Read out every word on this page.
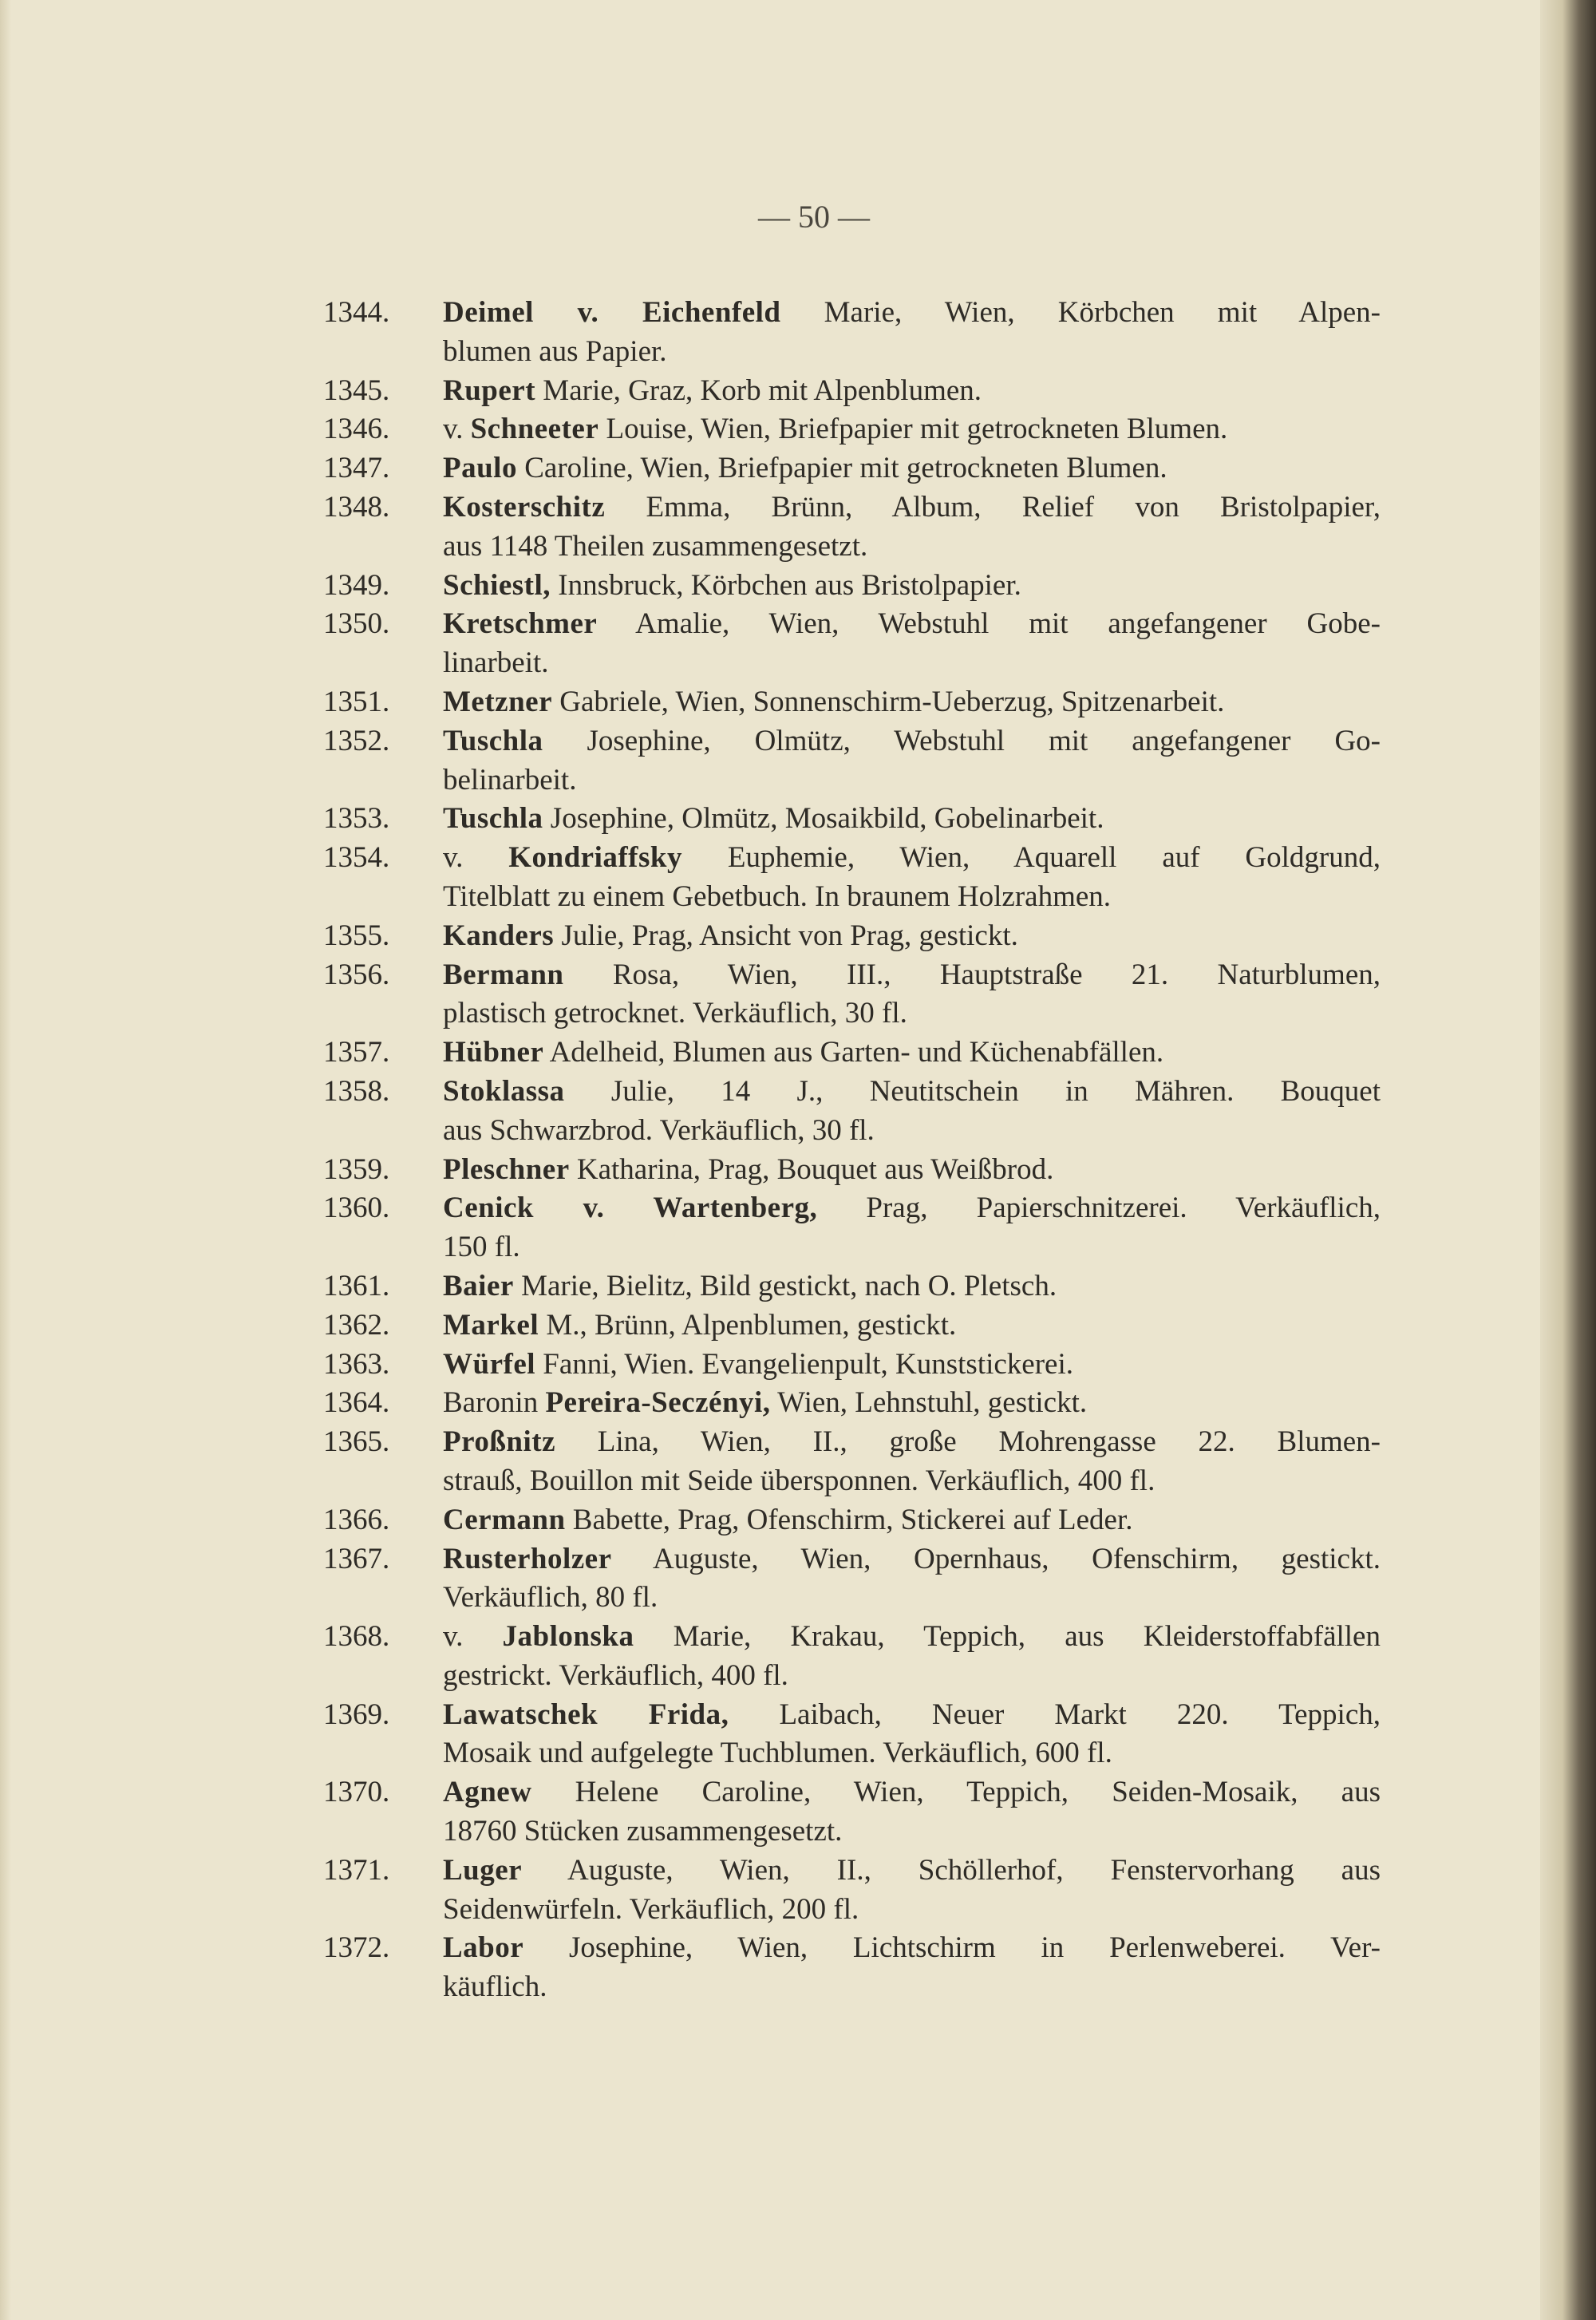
— 50 —
1344.	Deimel v. Eichenfeld Marie, Wien, Körbchen mit Alpen-
blumen aus Papier.
1345.	Rupert Marie, Graz, Korb mit Alpenblumen.
1346.	v. Schneeter Louise, Wien, Briefpapier mit getrockneten Blumen.
1347.	Paulo Caroline, Wien, Briefpapier mit getrockneten Blumen.
1348.	Kosterschitz Emma, Brünn, Album, Relief von Bristolpapier,
aus 1148 Theilen zusammengesetzt.
1349.	Schiestl, Innsbruck, Körbchen aus Bristolpapier.
1350.	Kretschmer Amalie, Wien, Webstuhl mit angefangener Gobe-
linarbeit.
1351.	Metzner Gabriele, Wien, Sonnenschirm-Ueberzug, Spitzenarbeit.
1352.	Tuschla Josephine, Olmütz, Webstuhl mit angefangener Go-
belinarbeit.
1353.	Tuschla Josephine, Olmütz, Mosaikbild, Gobelinarbeit.
1354.	v. Kondriaffsky Euphemie, Wien, Aquarell auf Goldgrund,
Titelblatt zu einem Gebetbuch. In braunem Holzrahmen.
1355.	Kanders Julie, Prag, Ansicht von Prag, gestickt.
1356.	Bermann Rosa, Wien, III., Hauptstraße 21. Naturblumen,
plastisch getrocknet. Verkäuflich, 30 fl.
1357.	Hübner Adelheid, Blumen aus Garten- und Küchenabfällen.
1358.	Stoklassa Julie, 14 J., Neutitschein in Mähren. Bouquet
aus Schwarzbrod. Verkäuflich, 30 fl.
1359.	Pleschner Katharina, Prag, Bouquet aus Weißbrod.
1360.	Cenick v. Wartenberg, Prag, Papierschnitzerei. Verkäuflich,
150 fl.
1361.	Baier Marie, Bielitz, Bild gestickt, nach O. Pletsch.
1362.	Markel M., Brünn, Alpenblumen, gestickt.
1363.	Würfel Fanni, Wien. Evangelienpult, Kunststickerei.
1364.	Baronin Pereira-Seczényi, Wien, Lehnstuhl, gestickt.
1365.	Proßnitz Lina, Wien, II., große Mohrengasse 22. Blumen-
strauß, Bouillon mit Seide übersponnen. Verkäuflich, 400 fl.
1366.	Cermann Babette, Prag, Ofenschirm, Stickerei auf Leder.
1367.	Rusterholzer Auguste, Wien, Opernhaus, Ofenschirm, gestickt.
Verkäuflich, 80 fl.
1368.	v. Jablonska Marie, Krakau, Teppich, aus Kleiderstoffabfällen
gestrickt. Verkäuflich, 400 fl.
1369.	Lawatschek Frida, Laibach, Neuer Markt 220. Teppich,
Mosaik und aufgelegte Tuchblumen. Verkäuflich, 600 fl.
1370.	Agnew Helene Caroline, Wien, Teppich, Seiden-Mosaik, aus
18760 Stücken zusammengesetzt.
1371.	Luger Auguste, Wien, II., Schöllerhof, Fenstervorhang aus
Seidenwürfeln. Verkäuflich, 200 fl.
1372.	Labor Josephine, Wien, Lichtschirm in Perlenweberei. Ver-
käuflich.
